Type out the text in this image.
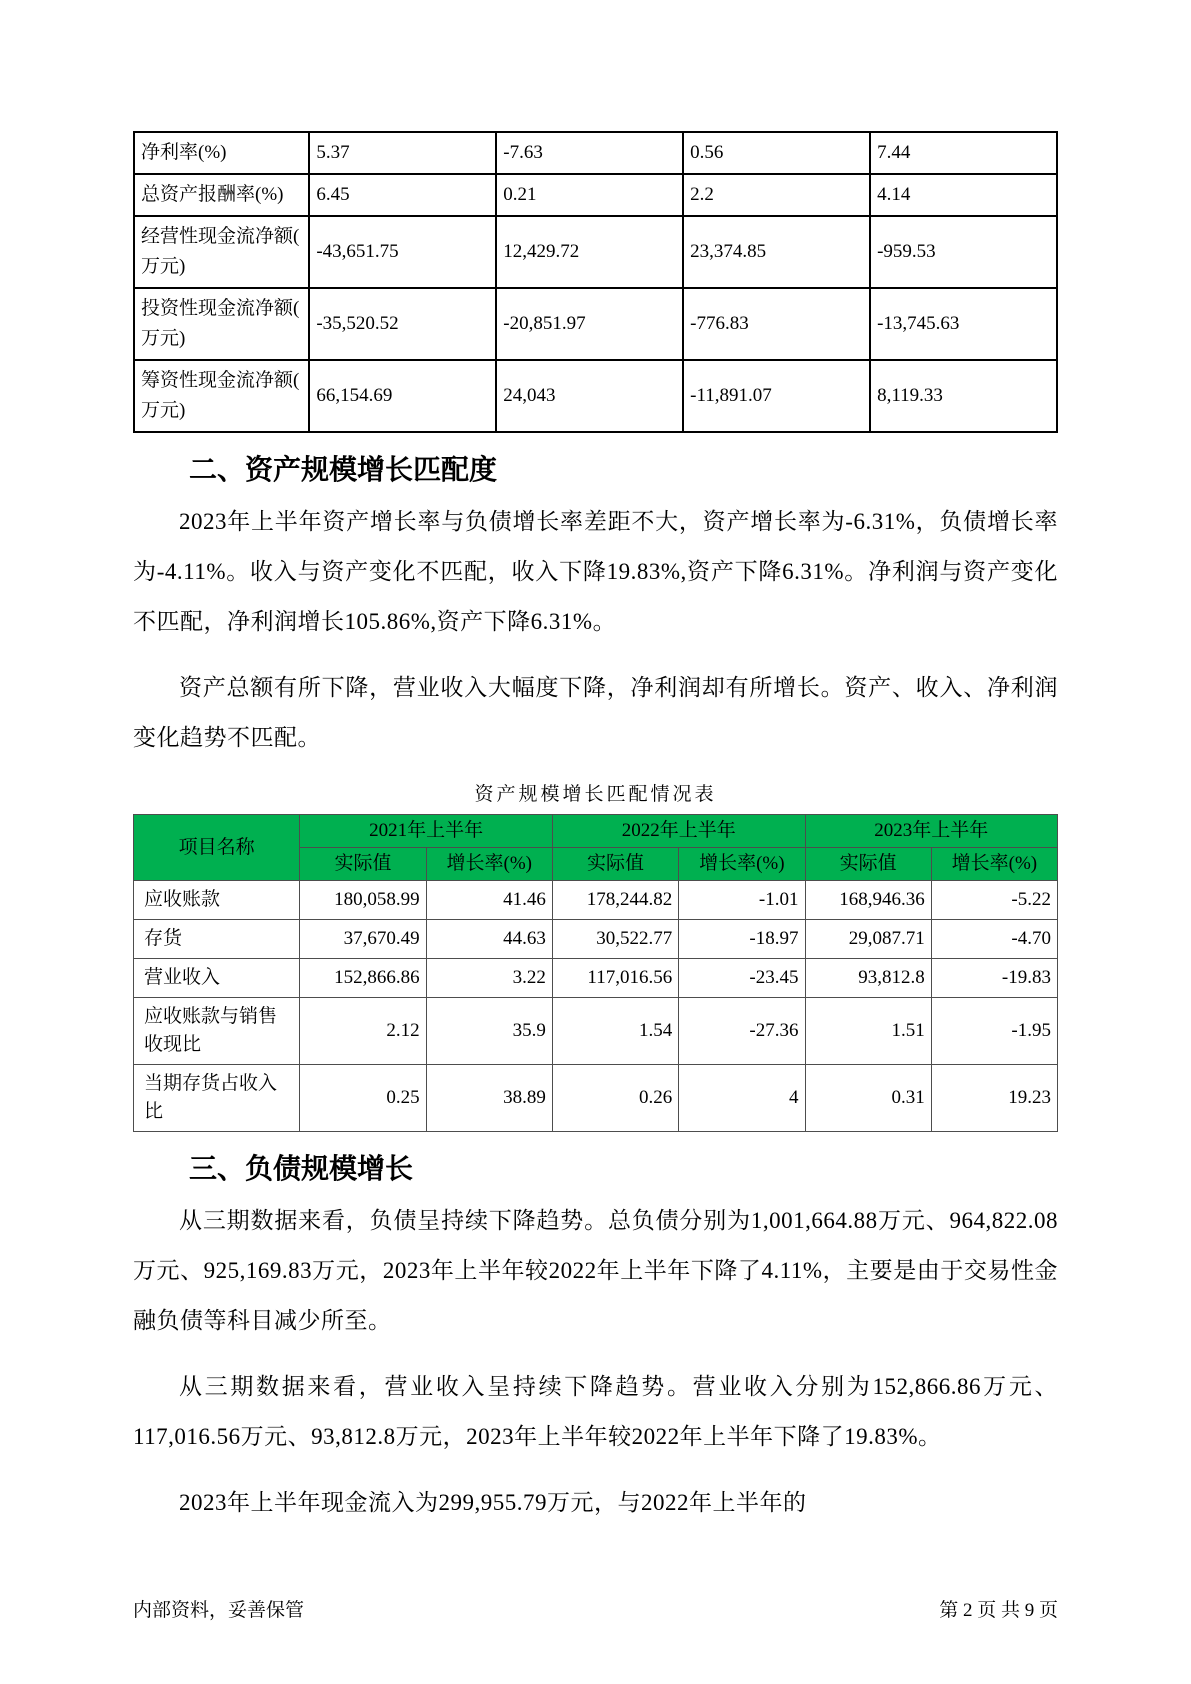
净利率(%)	5.37	-7.63	0.56	7.44
总资产报酬率(%)	6.45	0.21	2.2	4.14
经营性现金流净额(万元)	-43,651.75	12,429.72	23,374.85	-959.53
投资性现金流净额(万元)	-35,520.52	-20,851.97	-776.83	-13,745.63
筹资性现金流净额(万元)	66,154.69	24,043	-11,891.07	8,119.33
二、资产规模增长匹配度

2023年上半年资产增长率与负债增长率差距不大，资产增长率为-6.31%，负债增长率为-4.11%。收入与资产变化不匹配，收入下降19.83%,资产下降6.31%。净利润与资产变化不匹配，净利润增长105.86%,资产下降6.31%。

资产总额有所下降，营业收入大幅度下降，净利润却有所增长。资产、收入、净利润变化趋势不匹配。

资产规模增长匹配情况表
项目名称	2021年上半年		2022年上半年		2023年上半年	
	实际值	增长率(%)	实际值	增长率(%)	实际值	增长率(%)
应收账款	180,058.99	41.46	178,244.82	-1.01	168,946.36	-5.22
存货	37,670.49	44.63	30,522.77	-18.97	29,087.71	-4.70
营业收入	152,866.86	3.22	117,016.56	-23.45	93,812.8	-19.83
应收账款与销售收现比	2.12	35.9	1.54	-27.36	1.51	-1.95
当期存货占收入比	0.25	38.89	0.26	4	0.31	19.23
三、负债规模增长

从三期数据来看，负债呈持续下降趋势。总负债分别为1,001,664.88万元、964,822.08万元、925,169.83万元，2023年上半年较2022年上半年下降了4.11%，主要是由于交易性金融负债等科目减少所至。

从三期数据来看，营业收入呈持续下降趋势。营业收入分别为152,866.86万元、117,016.56万元、93,812.8万元，2023年上半年较2022年上半年下降了19.83%。

2023年上半年现金流入为299,955.79万元，与2022年上半年的

内部资料，妥善保管	第 2 页 共 9 页
